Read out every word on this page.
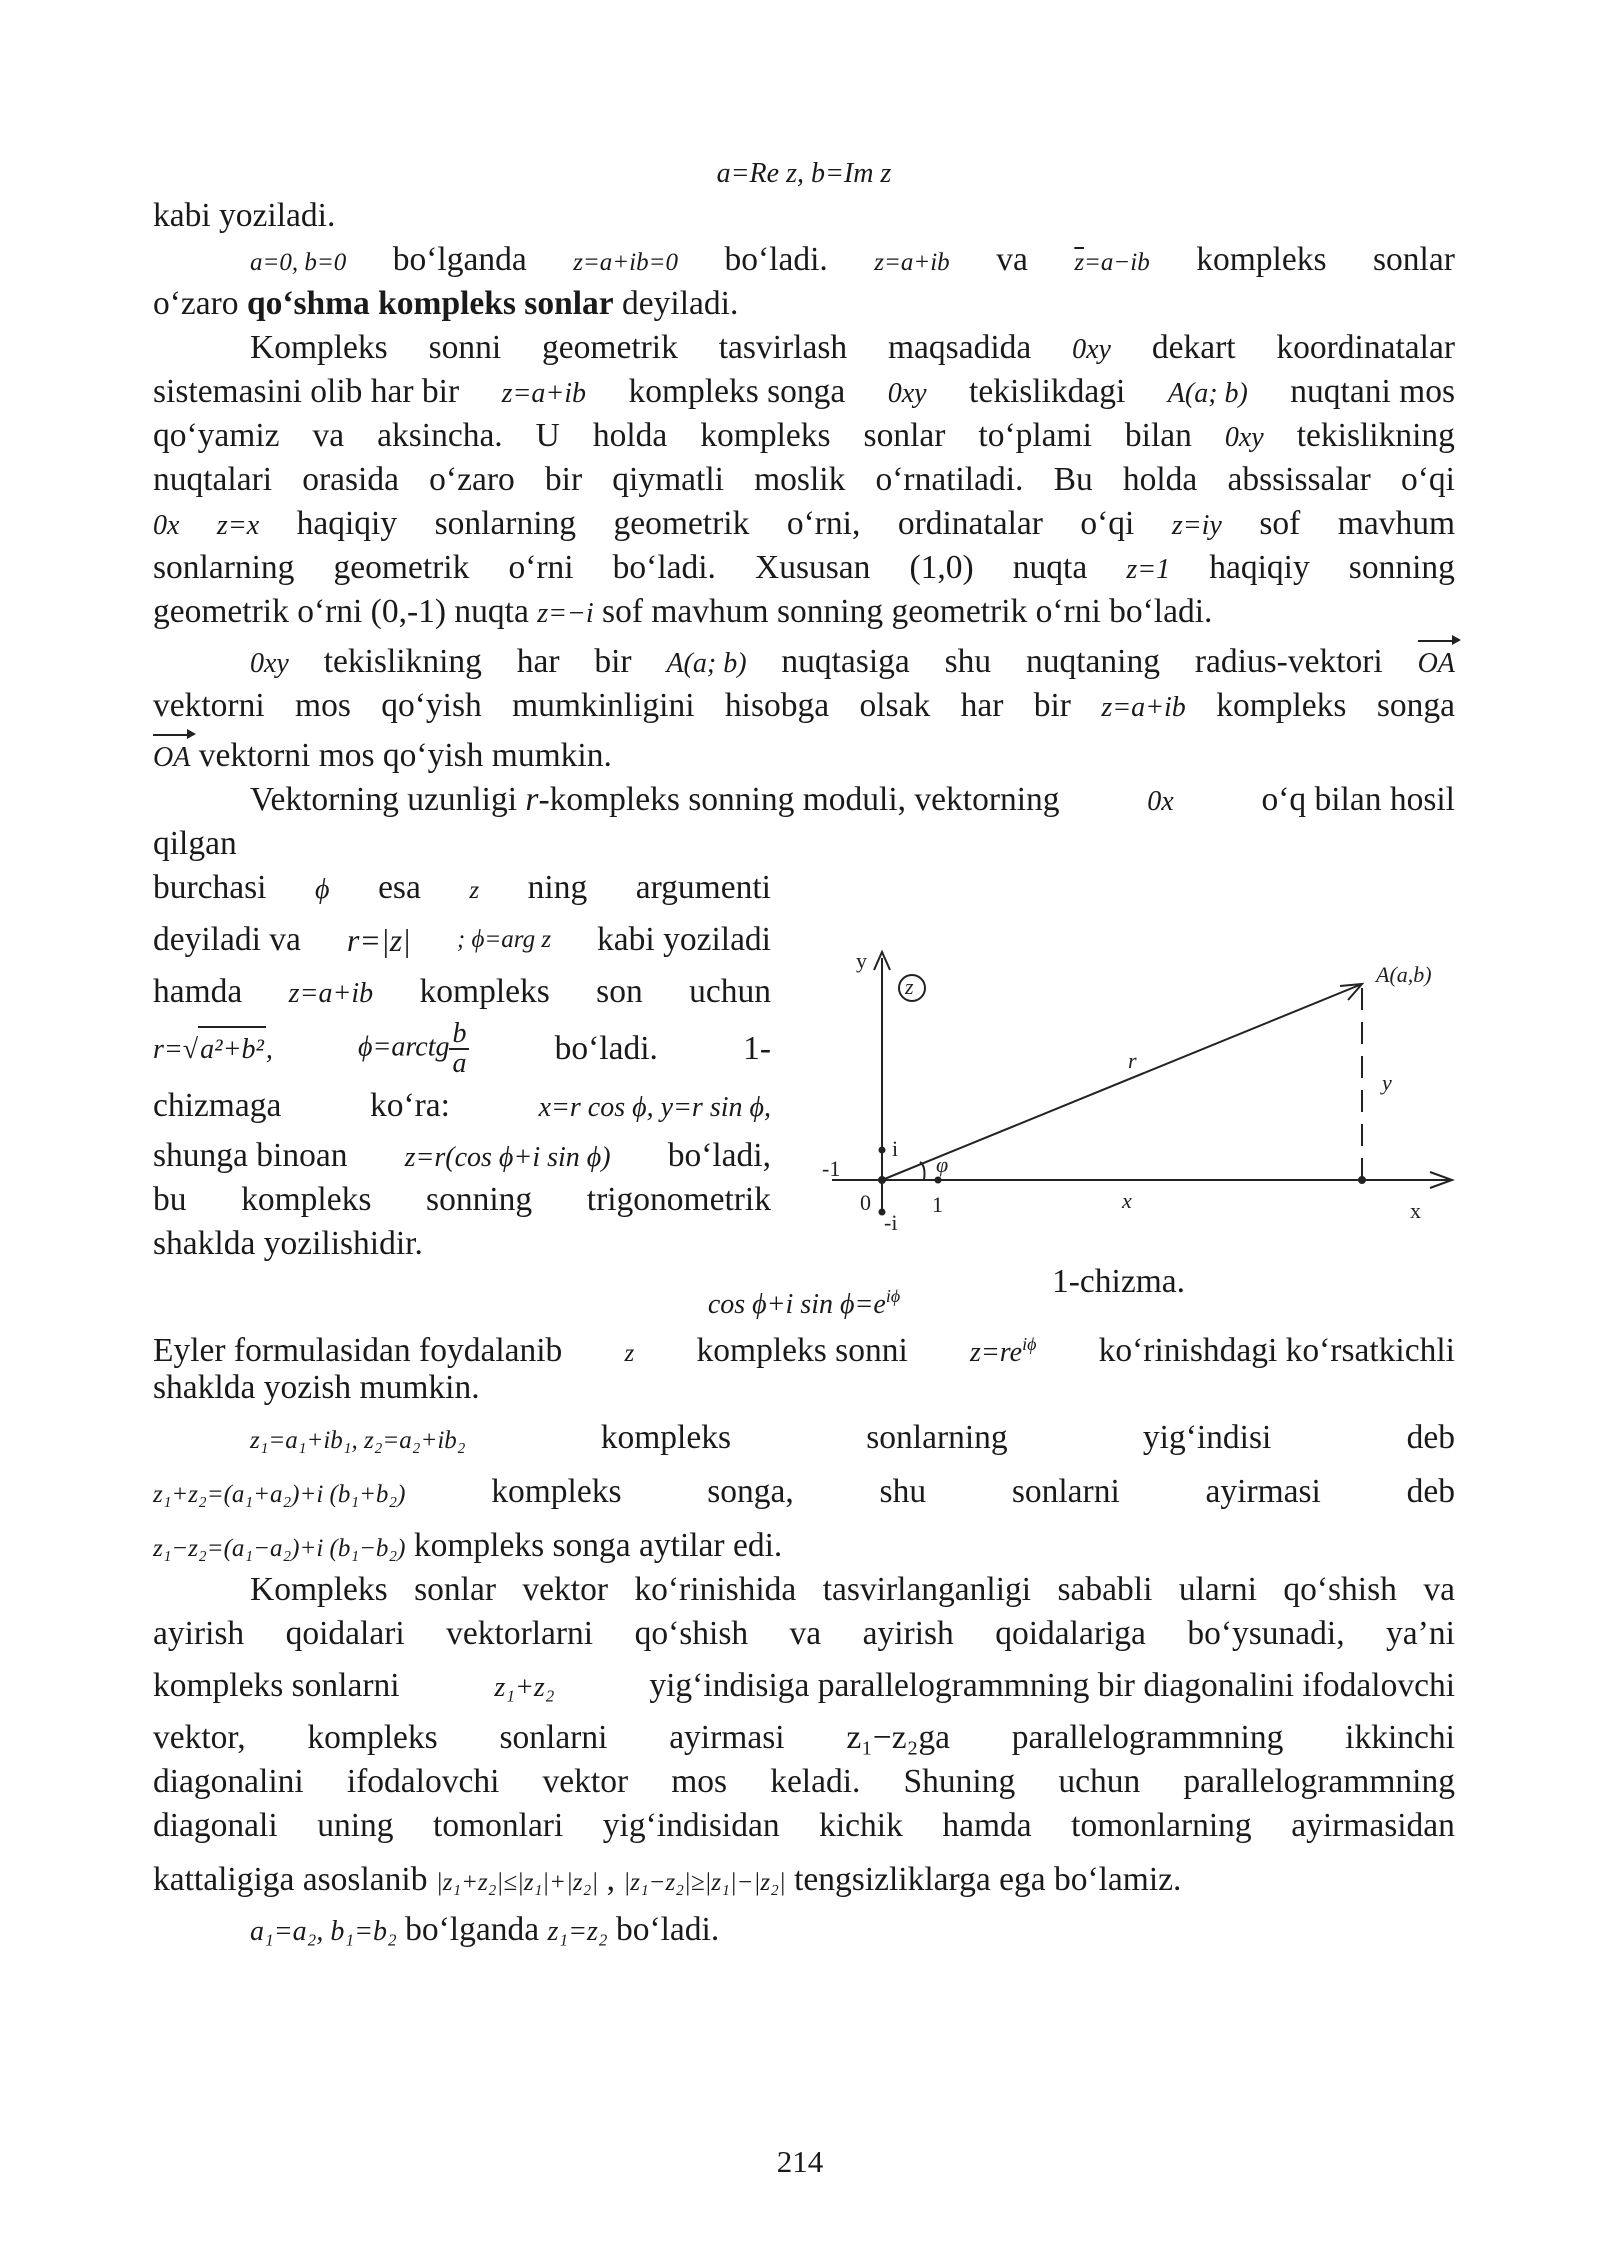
a=Re z, b=Im z
kabi yoziladi.
a=0, b=0 bo‘lganda z=a+ib=0 bo‘ladi. z=a+ib va $\overline{z}=a-ib$ kompleks sonlar
o‘zaro qo‘shma kompleks sonlar deyiladi.
Kompleks sonni geometrik tasvirlash maqsadida 0xy dekart koordinatalar
sistemasini olib har bir z=a+ib kompleks songa 0xy tekislikdagi A(a; b) nuqtani mos
qo‘yamiz va aksincha. U holda kompleks sonlar to‘plami bilan 0xy tekislikning
nuqtalari orasida o‘zaro bir qiymatli moslik o‘rnatiladi. Bu holda abssissalar o‘qi
0x z=x haqiqiy sonlarning geometrik o‘rni, ordinatalar o‘qi z=iy sof mavhum
sonlarning geometrik o‘rni bo‘ladi. Xususan (1,0) nuqta z=1 haqiqiy sonning
geometrik o‘rni (0,-1) nuqta z=−i sof mavhum sonning geometrik o‘rni bo‘ladi.
0xy tekislikning har bir A(a; b) nuqtasiga shu nuqtaning radius-vektori OA
vektorni mos qo‘yish mumkinligini hisobga olsak har bir z=a+ib kompleks songa
OA vektorni mos qo‘yish mumkin.
Vektorning uzunligi r-kompleks sonning moduli, vektorning	0x	o‘q bilan hosil
qilgan
burchasi ϕ esa z ning argumenti
deyiladi va r=|z| ; ϕ=arg z kabi yoziladi
hamda z=a+ib kompleks son uchun
r=√a²+b²,	ϕ=arctg $\frac{b}{a}$	bo‘ladi.	1-
chizmaga	ko‘ra:	x=r cos ϕ, y=r sin ϕ,
shunga binoan z=r(cos ϕ+i sin ϕ) bo‘ladi,
bu kompleks sonning trigonometrik
shaklda yozilishidir.
cos ϕ+i $\sin \phi=e^{i\phi}$
Eyler formulasidan foydalanib z kompleks sonni $z=re^{i\phi}$ ko‘rinishdagi ko‘rsatkichli
shaklda yozish mumkin.
z₁=a₁+ib₁, z₂=a₂+ib₂	kompleks	sonlarning	yig‘indisi	deb
z₁+z₂=(a₁+a₂)+i (b₁+b₂)	kompleks	songa,	shu	sonlarni	ayirmasi	deb
z₁−z₂=(a₁−a₂)+i (b₁−b₂) kompleks songa aytilar edi.
Kompleks sonlar vektor ko‘rinishida tasvirlanganligi sababli ularni qo‘shish va
ayirish qoidalari vektorlarni qo‘shish va ayirish qoidalariga bo‘ysunadi, ya’ni
kompleks sonlarni	z₁+z₂	yig‘indisiga parallelogrammning bir diagonalini ifodalovchi
vektor, kompleks sonlarni ayirmasi z₁−z₂ga parallelogrammning ikkinchi
diagonalini ifodalovchi vektor mos keladi. Shuning uchun parallelogrammning
diagonali uning tomonlari yig‘indisidan kichik hamda tomonlarning ayirmasidan
kattaligiga asoslanib |z₁+z₂|≤|z₁|+|z₂| , |z₁−z₂|≥|z₁|−|z₂| tengsizliklarga ega bo‘lamiz.
a₁=a₂, b₁=b₂ bo‘lganda z₁=z₂ bo‘ladi.
y
x
z	A(a,b)
r
y
x
i
-i
-1
0	1
φ
1-chizma.
214
